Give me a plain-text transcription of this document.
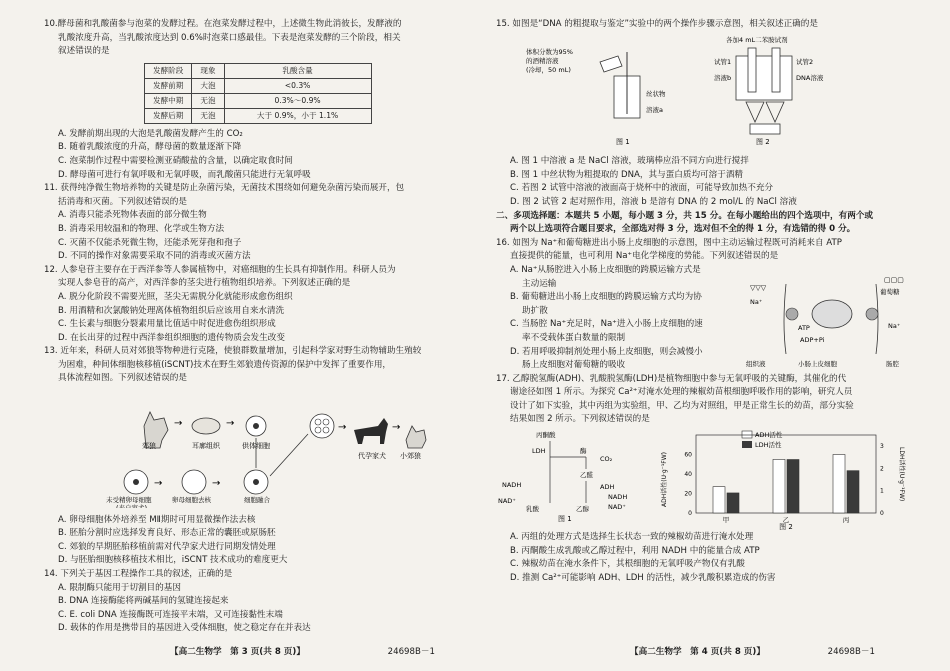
10.酵母菌和乳酸菌参与泡菜的发酵过程。在泡菜发酵过程中，上述微生物此消彼长，发酵液的

乳酸浓度升高，当乳酸浓度达到 0.6%时泡菜口感最佳。下表是泡菜发酵的三个阶段，相关

叙述错误的是

发酵阶段	现象	乳酸含量
发酵前期	大泡	<0.3%
发酵中期	无泡	0.3%～0.9%
发酵后期	无泡	大于 0.9%，小于 1.1%

A. 发酵前期出现的大泡是乳酸菌发酵产生的 CO₂

B. 随着乳酸浓度的升高，酵母菌的数量逐渐下降

C. 泡菜制作过程中需要检测亚硝酸盐的含量，以确定取食时间

D. 酵母菌可进行有氧呼吸和无氧呼吸，而乳酸菌只能进行无氧呼吸

11. 获得纯净微生物培养物的关键是防止杂菌污染，无菌技术围绕如何避免杂菌污染而展开，包

括消毒和灭菌。下列叙述错误的是

A. 消毒只能杀死物体表面的部分微生物

B. 消毒采用较温和的物理、化学或生物方法

C. 灭菌不仅能杀死微生物，还能杀死芽孢和孢子

D. 不同的操作对象需要采取不同的消毒或灭菌方法

12. 人参皂苷主要存在于西洋参等人参属植物中，对癌细胞的生长具有抑制作用。科研人员为

实现人参皂苷的高产，对西洋参的茎尖进行植物组织培养。下列叙述正确的是

A. 脱分化阶段不需要光照，茎尖无需脱分化就能形成愈伤组织

B. 用酒精和次氯酸钠处理离体植物组织后应该用自来水清洗

C. 生长素与细胞分裂素用量比值适中时促进愈伤组织形成

D. 在长出芽的过程中西洋参组织细胞的遗传物质会发生改变

13. 近年来，科研人员对郊狼等物种进行克隆，使狼群数量增加，引起科学家对野生动物辅助生殖较

为困难，种间体细胞核移植(iSCNT)技术在野生郊狼遗传资源的保护中发挥了重要作用，

具体流程如图。下列叙述错误的是

郊狼
→
耳廓组织
→
供体细胞
→
代孕家犬
→
小郊狼
未受精卵母细胞
(来自家犬)
→
卵母细胞去核
→
细胞融合

A. 卵母细胞体外培养至 MⅡ期时可用显微操作法去核

B. 胚胎分割时应选择发育良好、形态正常的囊胚或原肠胚

C. 郊狼的早期胚胎移植前需对代孕家犬进行同期发情处理

D. 与胚胎细胞核移植技术相比，iSCNT 技术成功的难度更大

14. 下列关于基因工程操作工具的叙述，正确的是

A. 限制酶只能用于切割目的基因

B. DNA 连接酶能将两碱基间的氢键连接起来

C. E. coli DNA 连接酶既可连接平末端，又可连接黏性末端

D. 载体的作用是携带目的基因进入受体细胞，使之稳定存在并表达

【高二生物学　第 3 页(共 8 页)】	24698B－1

15. 如图是“DNA 的粗提取与鉴定”实验中的两个操作步骤示意图，相关叙述正确的是

体积分数为95%
的酒精溶液
(冷却，50 mL)
丝状物
溶液a
图 1
各加4 mL二苯胺试剂
试管1	试管2
溶液b	DNA溶液
图 2

A. 图 1 中溶液 a 是 NaCl 溶液，玻璃棒应沿不同方向进行搅拌

B. 图 1 中丝状物为粗提取的 DNA，其与蛋白质均可溶于酒精

C. 若图 2 试管中溶液的液面高于烧杯中的液面，可能导致加热不充分

D. 图 2 试管 2 起对照作用，溶液 b 是溶有 DNA 的 2 mol/L 的 NaCl 溶液

二、多项选择题：本题共 5 小题，每小题 3 分，共 15 分。在每小题给出的四个选项中，有两个或

两个以上选项符合题目要求，全部选对得 3 分，选对但不全的得 1 分，有选错的得 0 分。

16. 如图为 Na⁺和葡萄糖进出小肠上皮细胞的示意图，图中主动运输过程既可消耗来自 ATP

直接提供的能量，也可利用 Na⁺电化学梯度的势能。下列叙述错误的是

A. Na⁺从肠腔进入小肠上皮细胞的跨膜运输方式是

主动运输

B. 葡萄糖进出小肠上皮细胞的跨膜运输方式均为协

助扩散

C. 当肠腔 Na⁺充足时，Na⁺进入小肠上皮细胞的速

率不受载体蛋白数量的限制

D. 若用呼吸抑制剂处理小肠上皮细胞，则会减慢小

肠上皮细胞对葡萄糖的吸收

葡萄糖
Na⁺
ATP
ADP+Pi
Na⁺
组织液	小肠上皮细胞	肠腔
▽▽▽
▢▢▢

17. 乙醇脱氢酶(ADH)、乳酸脱氢酶(LDH)是植物细胞中参与无氧呼吸的关键酶，其催化的代

谢途径如图 1 所示。为探究 Ca²⁺对淹水处理的辣椒幼苗根细胞呼吸作用的影响，研究人员

设计了如下实验，其中丙组为实验组，甲、乙均为对照组，甲是正常生长的幼苗，部分实验

结果如图 2 所示。下列叙述错误的是

丙酮酸
LDH	酶
CO₂
乙醛
ADH
NADH
NAD⁺	NADH
NAD⁺
乳酸	乙醇
图 1
ADH活性
LDH活性
ADH活性(U·g⁻¹FW)	LDH活性(U·g⁻¹FW)
0
20
40
60
0
1
2
3
甲	乙	丙
图 2

A. 丙组的处理方式是选择生长状态一致的辣椒幼苗进行淹水处理

B. 丙酮酸生成乳酸或乙醇过程中，利用 NADH 中的能量合成 ATP

C. 辣椒幼苗在淹水条件下，其根细胞的无氧呼吸产物仅有乳酸

D. 推测 Ca²⁺可能影响 ADH、LDH 的活性，减少乳酸积累造成的伤害

【高二生物学　第 4 页(共 8 页)】	24698B－1
